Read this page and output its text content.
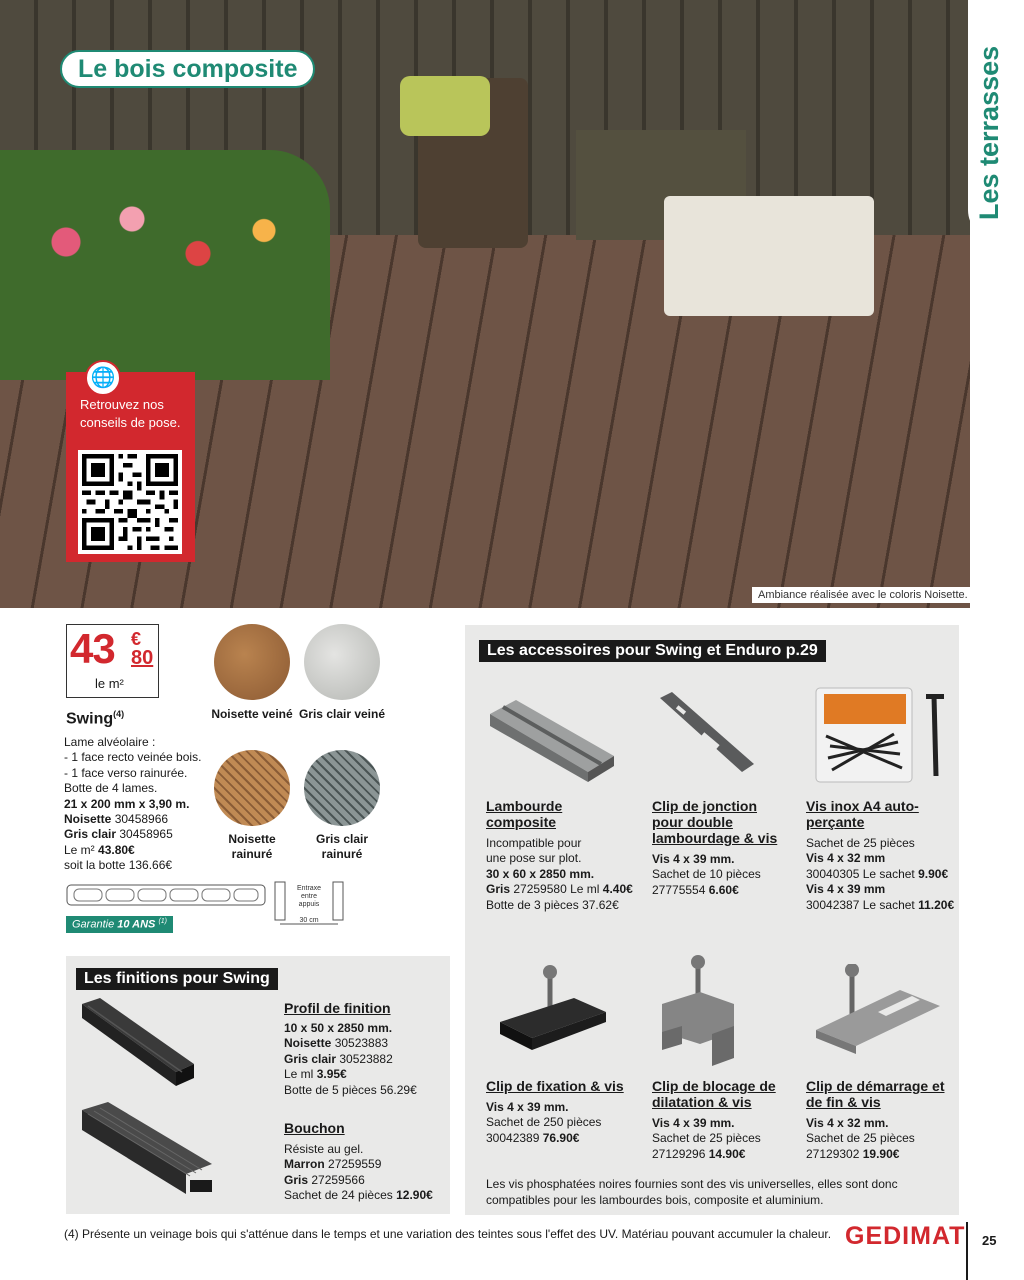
Le bois composite	Les terrasses
Retrouvez nos conseils de pose.
🌐
Ambiance réalisée avec le coloris Noisette.
43 €
80
le m²
Swing$^{(4)}$
Lame alvéolaire :
- 1 face recto veinée bois.
- 1 face verso rainurée.
Botte de 4 lames.
21 x 200 mm x 3,90 m.
Noisette 30458966
Gris clair 30458965
Le m² 43.80€
soit la botte 136.66€
Noisette veiné Gris clair veiné
Noisette rainuré
Gris clair rainuré
Entraxe
entre
appuis
30 cm
Garantie 10 ANS $^{(1)}$
Les accessoires pour Swing et Enduro p.29
Lambourde composite
Incompatible pour
une pose sur plot.
30 x 60 x 2850 mm.
Gris 27259580 Le ml 4.40€
Botte de 3 pièces 37.62€
Clip de jonction pour double lambourdage & vis
Vis 4 x 39 mm.
Sachet de 10 pièces
27775554 6.60€
Vis inox A4 auto-perçante
Sachet de 25 pièces
Vis 4 x 32 mm
30040305 Le sachet 9.90€
Vis 4 x 39 mm
30042387 Le sachet 11.20€
Clip de fixation & vis
Vis 4 x 39 mm.
Sachet de 250 pièces
30042389 76.90€
Clip de blocage de dilatation & vis
Vis 4 x 39 mm.
Sachet de 25 pièces
27129296 14.90€
Clip de démarrage et de fin & vis
Vis 4 x 32 mm.
Sachet de 25 pièces
27129302 19.90€
Les vis phosphatées noires fournies sont des vis universelles, elles sont donc compatibles pour les lambourdes bois, composite et aluminium.
Les finitions pour Swing
Profil de finition
10 x 50 x 2850 mm.
Noisette 30523883
Gris clair 30523882
Le ml 3.95€
Botte de 5 pièces 56.29€
Bouchon
Résiste au gel.
Marron 27259559
Gris 27259566
Sachet de 24 pièces 12.90€
(4) Présente un veinage bois qui s'atténue dans le temps et une variation des teintes sous l'effet des UV. Matériau pouvant accumuler la chaleur. GEDIMAT 25
